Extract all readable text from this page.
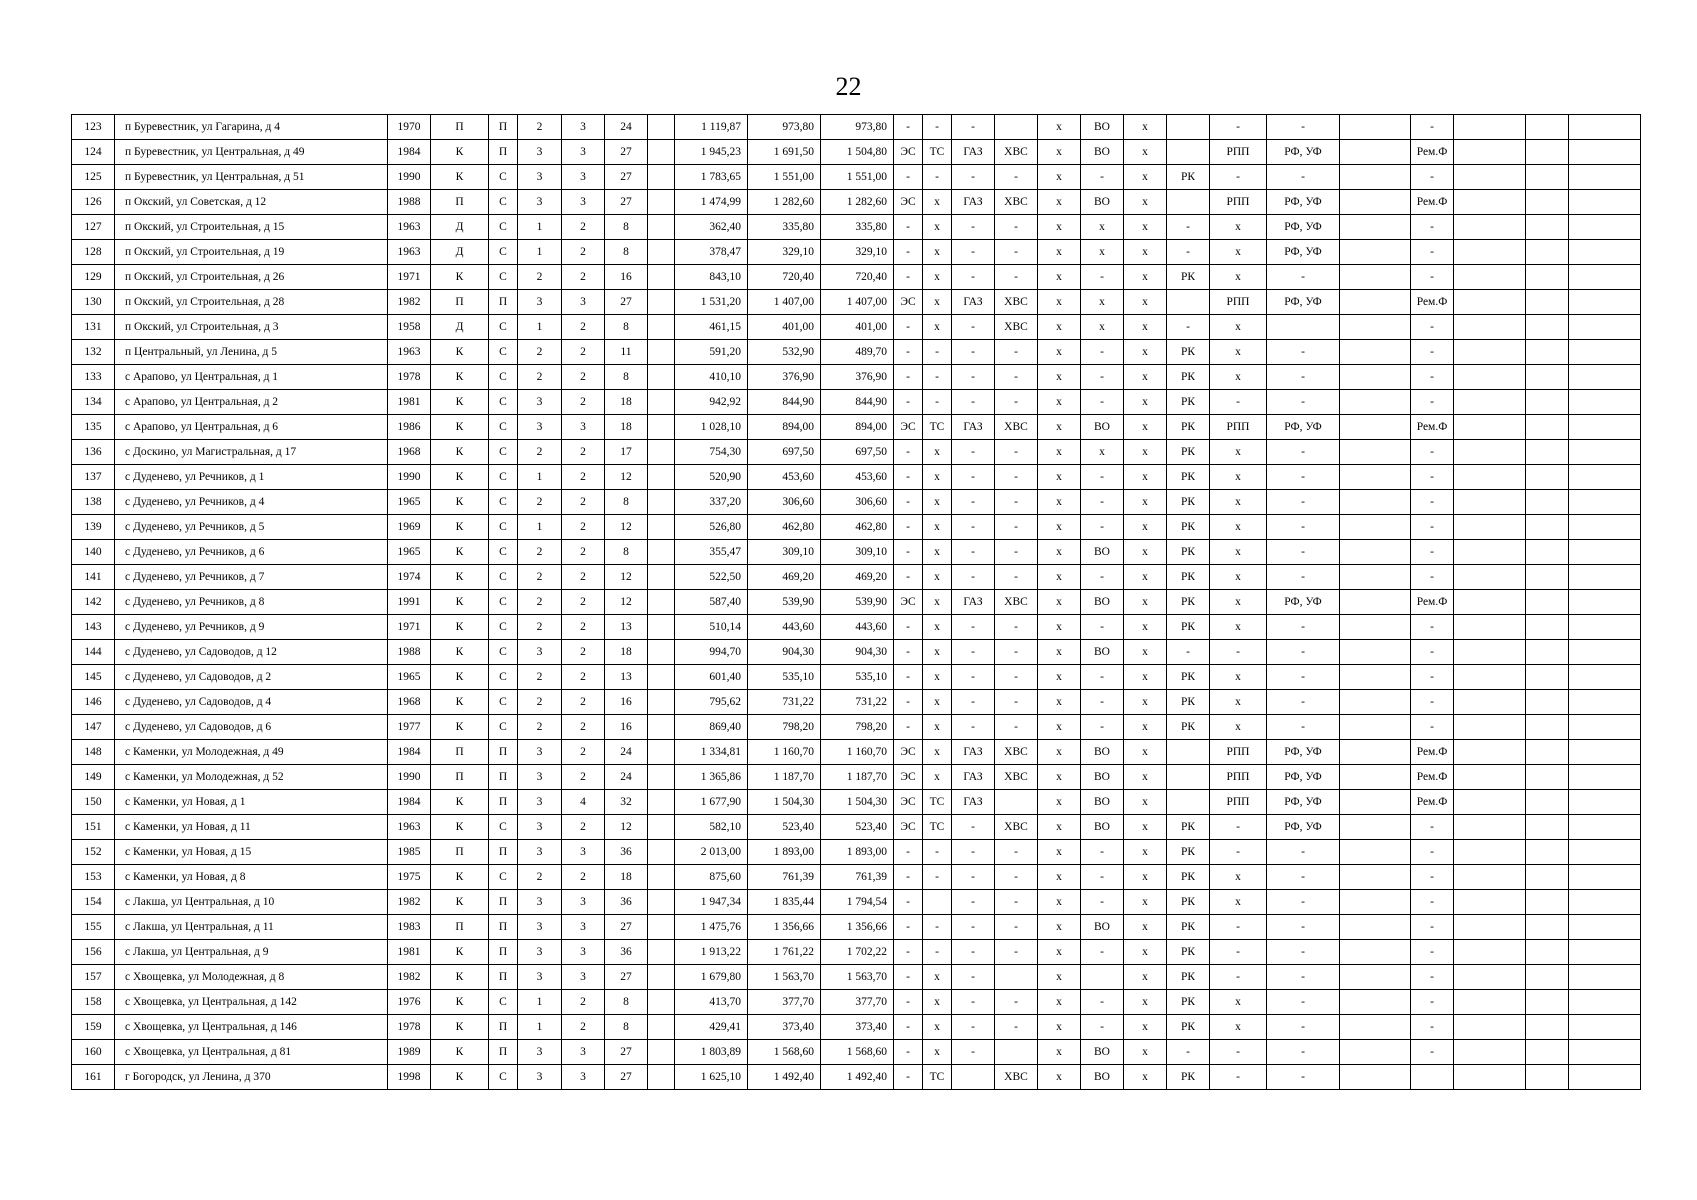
22
123	п Буревестник, ул Гагарина, д 4	1970	П	П	2	3	24		1 119,87	973,80	973,80	-	-	-		х	ВО	х		-	-		-			
124	п Буревестник, ул Центральная, д 49	1984	К	П	3	3	27		1 945,23	1 691,50	1 504,80	ЭС	ТС	ГАЗ	ХВС	х	ВО	х		РПП	РФ, УФ		Рем.Ф			
125	п Буревестник, ул Центральная, д 51	1990	К	С	3	3	27		1 783,65	1 551,00	1 551,00	-	-	-	-	х	-	х	РК	-	-		-			
126	п Окский, ул Советская, д 12	1988	П	С	3	3	27		1 474,99	1 282,60	1 282,60	ЭС	х	ГАЗ	ХВС	х	ВО	х		РПП	РФ, УФ		Рем.Ф			
127	п Окский, ул Строительная, д 15	1963	Д	С	1	2	8		362,40	335,80	335,80	-	х	-	-	х	х	х	-	х	РФ, УФ		-			
128	п Окский, ул Строительная, д 19	1963	Д	С	1	2	8		378,47	329,10	329,10	-	х	-	-	х	х	х	-	х	РФ, УФ		-			
129	п Окский, ул Строительная, д 26	1971	К	С	2	2	16		843,10	720,40	720,40	-	х	-	-	х	-	х	РК	х	-		-			
130	п Окский, ул Строительная, д 28	1982	П	П	3	3	27		1 531,20	1 407,00	1 407,00	ЭС	х	ГАЗ	ХВС	х	х	х		РПП	РФ, УФ		Рем.Ф			
131	п Окский, ул Строительная, д 3	1958	Д	С	1	2	8		461,15	401,00	401,00	-	х	-	ХВС	х	х	х	-	х			-			
132	п Центральный, ул Ленина, д 5	1963	К	С	2	2	11		591,20	532,90	489,70	-	-	-	-	х	-	х	РК	х	-		-			
133	с Арапово, ул Центральная, д 1	1978	К	С	2	2	8		410,10	376,90	376,90	-	-	-	-	х	-	х	РК	х	-		-			
134	с Арапово, ул Центральная, д 2	1981	К	С	3	2	18		942,92	844,90	844,90	-	-	-	-	х	-	х	РК	-	-		-			
135	с Арапово, ул Центральная, д 6	1986	К	С	3	3	18		1 028,10	894,00	894,00	ЭС	ТС	ГАЗ	ХВС	х	ВО	х	РК	РПП	РФ, УФ		Рем.Ф			
136	с Доскино, ул Магистральная, д 17	1968	К	С	2	2	17		754,30	697,50	697,50	-	х	-	-	х	х	х	РК	х	-		-			
137	с Дуденево, ул Речников, д 1	1990	К	С	1	2	12		520,90	453,60	453,60	-	х	-	-	х	-	х	РК	х	-		-			
138	с Дуденево, ул Речников, д 4	1965	К	С	2	2	8		337,20	306,60	306,60	-	х	-	-	х	-	х	РК	х	-		-			
139	с Дуденево, ул Речников, д 5	1969	К	С	1	2	12		526,80	462,80	462,80	-	х	-	-	х	-	х	РК	х	-		-			
140	с Дуденево, ул Речников, д 6	1965	К	С	2	2	8		355,47	309,10	309,10	-	х	-	-	х	ВО	х	РК	х	-		-			
141	с Дуденево, ул Речников, д 7	1974	К	С	2	2	12		522,50	469,20	469,20	-	х	-	-	х	-	х	РК	х	-		-			
142	с Дуденево, ул Речников, д 8	1991	К	С	2	2	12		587,40	539,90	539,90	ЭС	х	ГАЗ	ХВС	х	ВО	х	РК	х	РФ, УФ		Рем.Ф			
143	с Дуденево, ул Речников, д 9	1971	К	С	2	2	13		510,14	443,60	443,60	-	х	-	-	х	-	х	РК	х	-		-			
144	с Дуденево, ул Садоводов, д 12	1988	К	С	3	2	18		994,70	904,30	904,30	-	х	-	-	х	ВО	х	-	-	-		-			
145	с Дуденево, ул Садоводов, д 2	1965	К	С	2	2	13		601,40	535,10	535,10	-	х	-	-	х	-	х	РК	х	-		-			
146	с Дуденево, ул Садоводов, д 4	1968	К	С	2	2	16		795,62	731,22	731,22	-	х	-	-	х	-	х	РК	х	-		-			
147	с Дуденево, ул Садоводов, д 6	1977	К	С	2	2	16		869,40	798,20	798,20	-	х	-	-	х	-	х	РК	х	-		-			
148	с Каменки, ул Молодежная, д 49	1984	П	П	3	2	24		1 334,81	1 160,70	1 160,70	ЭС	х	ГАЗ	ХВС	х	ВО	х		РПП	РФ, УФ		Рем.Ф			
149	с Каменки, ул Молодежная, д 52	1990	П	П	3	2	24		1 365,86	1 187,70	1 187,70	ЭС	х	ГАЗ	ХВС	х	ВО	х		РПП	РФ, УФ		Рем.Ф			
150	с Каменки, ул Новая, д 1	1984	К	П	3	4	32		1 677,90	1 504,30	1 504,30	ЭС	ТС	ГАЗ		х	ВО	х		РПП	РФ, УФ		Рем.Ф			
151	с Каменки, ул Новая, д 11	1963	К	С	3	2	12		582,10	523,40	523,40	ЭС	ТС	-	ХВС	х	ВО	х	РК	-	РФ, УФ		-			
152	с Каменки, ул Новая, д 15	1985	П	П	3	3	36		2 013,00	1 893,00	1 893,00	-	-	-	-	х	-	х	РК	-	-		-			
153	с Каменки, ул Новая, д 8	1975	К	С	2	2	18		875,60	761,39	761,39	-	-	-	-	х	-	х	РК	х	-		-			
154	с Лакша, ул Центральная, д 10	1982	К	П	3	3	36		1 947,34	1 835,44	1 794,54	-		-	-	х	-	х	РК	х	-		-			
155	с Лакша, ул Центральная, д 11	1983	П	П	3	3	27		1 475,76	1 356,66	1 356,66	-	-	-	-	х	ВО	х	РК	-	-		-			
156	с Лакша, ул Центральная, д 9	1981	К	П	3	3	36		1 913,22	1 761,22	1 702,22	-	-	-	-	х	-	х	РК	-	-		-			
157	с Хвощевка, ул Молодежная, д 8	1982	К	П	3	3	27		1 679,80	1 563,70	1 563,70	-	х	-		х		х	РК	-	-		-			
158	с Хвощевка, ул Центральная, д 142	1976	К	С	1	2	8		413,70	377,70	377,70	-	х	-	-	х	-	х	РК	х	-		-			
159	с Хвощевка, ул Центральная, д 146	1978	К	П	1	2	8		429,41	373,40	373,40	-	х	-	-	х	-	х	РК	х	-		-			
160	с Хвощевка, ул Центральная, д 81	1989	К	П	3	3	27		1 803,89	1 568,60	1 568,60	-	х	-		х	ВО	х	-	-	-		-			
161	г Богородск, ул Ленина, д 370	1998	К	С	3	3	27		1 625,10	1 492,40	1 492,40	-	ТС		ХВС	х	ВО	х	РК	-	-					
